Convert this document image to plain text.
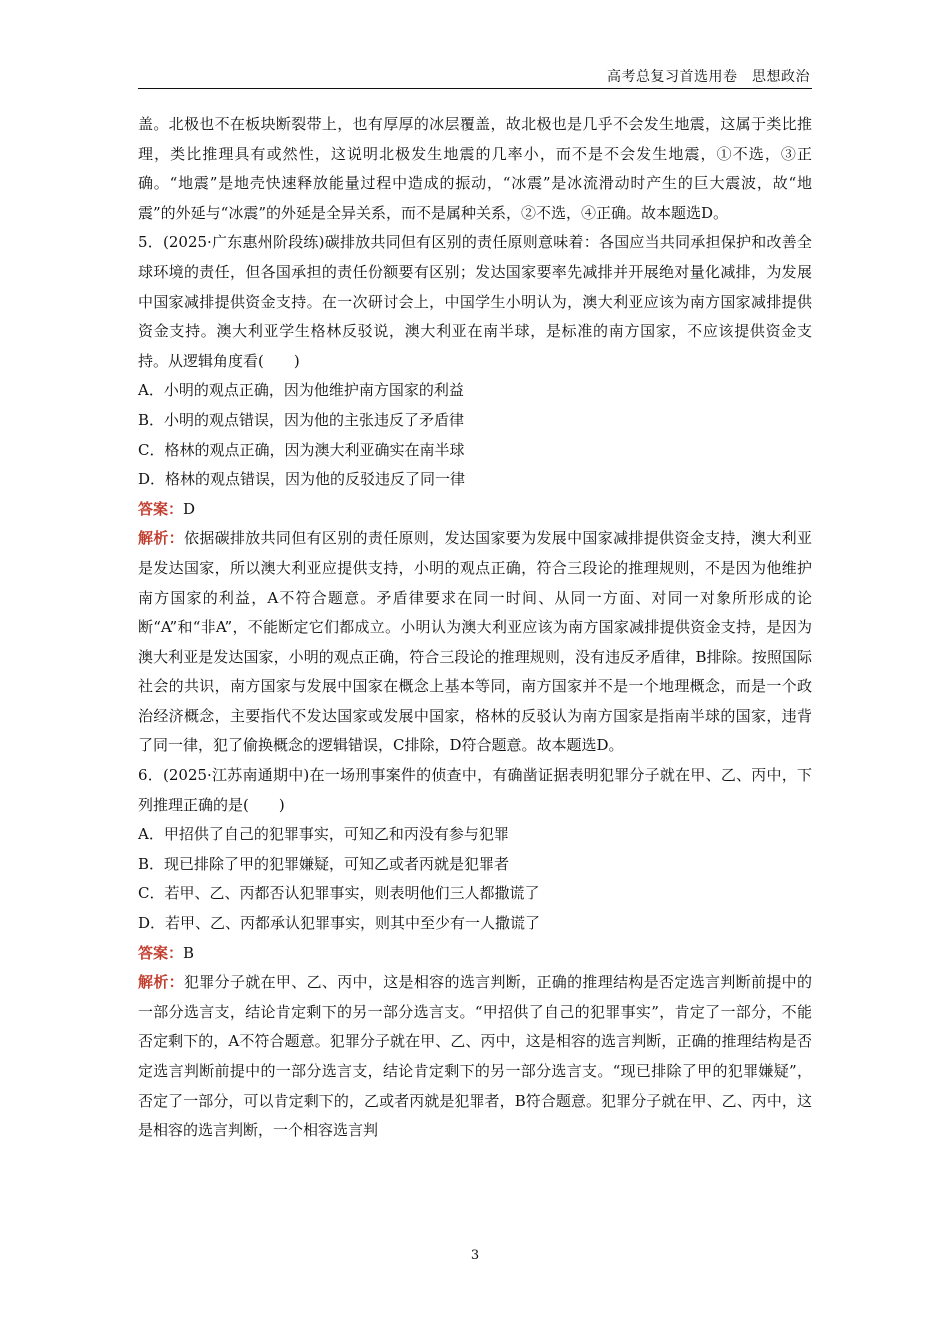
高考总复习首选用卷　思想政治

盖。北极也不在板块断裂带上，也有厚厚的冰层覆盖，故北极也是几乎不会发生地震，这属于类比推理，类比推理具有或然性，这说明北极发生地震的几率小，而不是不会发生地震，①不选，③正确。“地震”是地壳快速释放能量过程中造成的振动，“冰震”是冰流滑动时产生的巨大震波，故“地震”的外延与“冰震”的外延是全异关系，而不是属种关系，②不选，④正确。故本题选D。

5．(2025·广东惠州阶段练)碳排放共同但有区别的责任原则意味着：各国应当共同承担保护和改善全球环境的责任，但各国承担的责任份额要有区别；发达国家要率先减排并开展绝对量化减排，为发展中国家减排提供资金支持。在一次研讨会上，中国学生小明认为，澳大利亚应该为南方国家减排提供资金支持。澳大利亚学生格林反驳说，澳大利亚在南半球，是标准的南方国家，不应该提供资金支持。从逻辑角度看(　　)

A．小明的观点正确，因为他维护南方国家的利益

B．小明的观点错误，因为他的主张违反了矛盾律

C．格林的观点正确，因为澳大利亚确实在南半球

D．格林的观点错误，因为他的反驳违反了同一律

答案：D

解析：依据碳排放共同但有区别的责任原则，发达国家要为发展中国家减排提供资金支持，澳大利亚是发达国家，所以澳大利亚应提供支持，小明的观点正确，符合三段论的推理规则，不是因为他维护南方国家的利益，A不符合题意。矛盾律要求在同一时间、从同一方面、对同一对象所形成的论断“A”和“非A”，不能断定它们都成立。小明认为澳大利亚应该为南方国家减排提供资金支持，是因为澳大利亚是发达国家，小明的观点正确，符合三段论的推理规则，没有违反矛盾律，B排除。按照国际社会的共识，南方国家与发展中国家在概念上基本等同，南方国家并不是一个地理概念，而是一个政治经济概念，主要指代不发达国家或发展中国家，格林的反驳认为南方国家是指南半球的国家，违背了同一律，犯了偷换概念的逻辑错误，C排除，D符合题意。故本题选D。

6．(2025·江苏南通期中)在一场刑事案件的侦查中，有确凿证据表明犯罪分子就在甲、乙、丙中，下列推理正确的是(　　)

A．甲招供了自己的犯罪事实，可知乙和丙没有参与犯罪

B．现已排除了甲的犯罪嫌疑，可知乙或者丙就是犯罪者

C．若甲、乙、丙都否认犯罪事实，则表明他们三人都撒谎了

D．若甲、乙、丙都承认犯罪事实，则其中至少有一人撒谎了

答案：B

解析：犯罪分子就在甲、乙、丙中，这是相容的选言判断，正确的推理结构是否定选言判断前提中的一部分选言支，结论肯定剩下的另一部分选言支。“甲招供了自己的犯罪事实”，肯定了一部分，不能否定剩下的，A不符合题意。犯罪分子就在甲、乙、丙中，这是相容的选言判断，正确的推理结构是否定选言判断前提中的一部分选言支，结论肯定剩下的另一部分选言支。“现已排除了甲的犯罪嫌疑”，否定了一部分，可以肯定剩下的，乙或者丙就是犯罪者，B符合题意。犯罪分子就在甲、乙、丙中，这是相容的选言判断，一个相容选言判

3
